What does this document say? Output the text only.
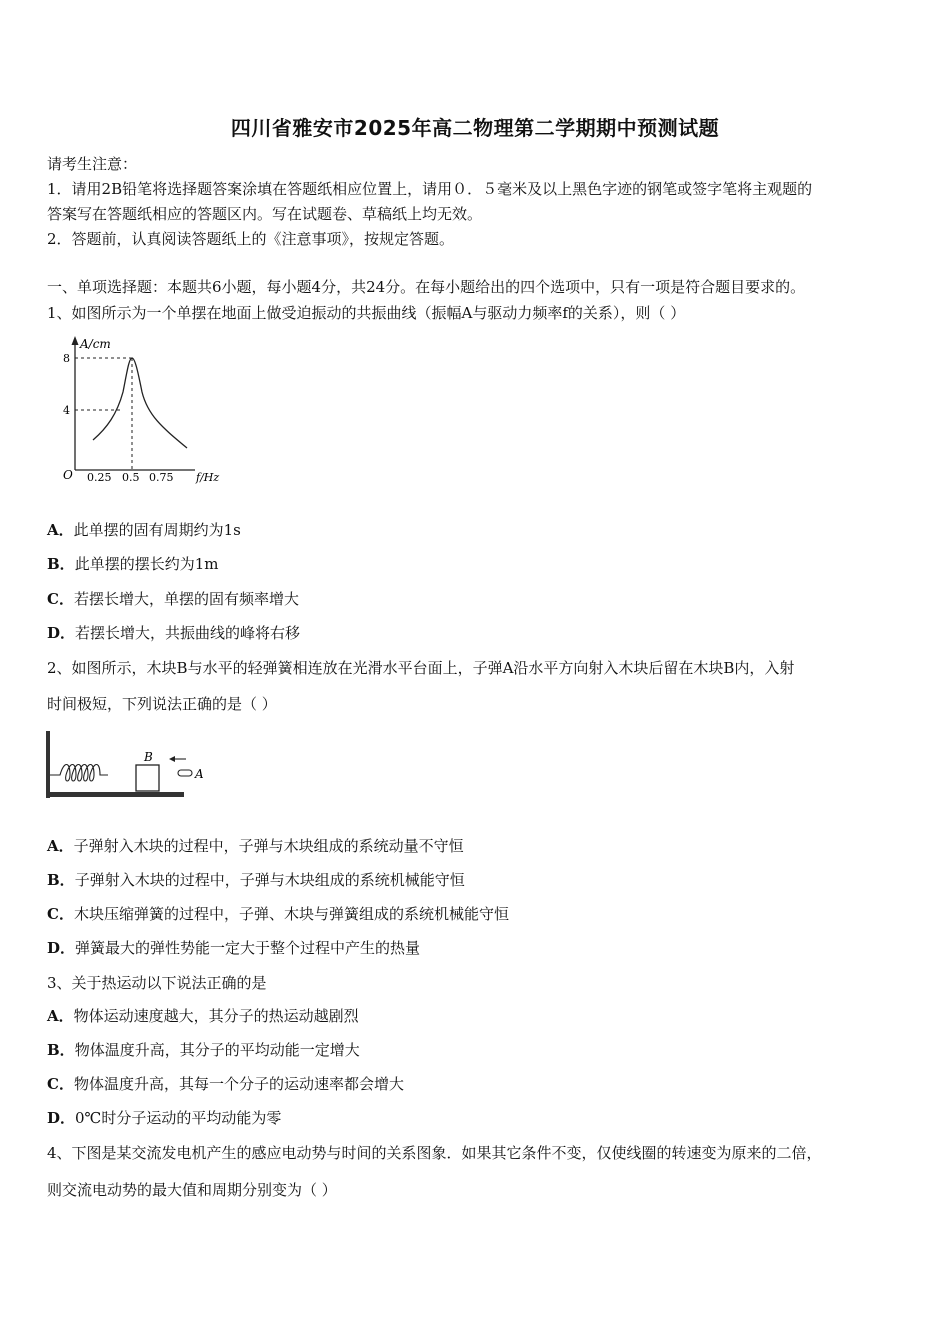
四川省雅安市2025年高二物理第二学期期中预测试题
请考生注意：
1．请用2B铅笔将选择题答案涂填在答题纸相应位置上，请用０．５毫米及以上黑色字迹的钢笔或签字笔将主观题的
答案写在答题纸相应的答题区内。写在试题卷、草稿纸上均无效。
2．答题前，认真阅读答题纸上的《注意事项》，按规定答题。
一、单项选择题：本题共6小题，每小题4分，共24分。在每小题给出的四个选项中，只有一项是符合题目要求的。
1、如图所示为一个单摆在地面上做受迫振动的共振曲线（振幅A与驱动力频率f的关系），则（ ）
A/cm
8
4
O 0.25 0.5 0.75 f/Hz
A．此单摆的固有周期约为1s
B．此单摆的摆长约为1m
C．若摆长增大，单摆的固有频率增大
D．若摆长增大，共振曲线的峰将右移
2、如图所示，木块B与水平的轻弹簧相连放在光滑水平台面上，子弹A沿水平方向射入木块后留在木块B内，入射
时间极短，下列说法正确的是（ ）
B
A
A．子弹射入木块的过程中，子弹与木块组成的系统动量不守恒
B．子弹射入木块的过程中，子弹与木块组成的系统机械能守恒
C．木块压缩弹簧的过程中，子弹、木块与弹簧组成的系统机械能守恒
D．弹簧最大的弹性势能一定大于整个过程中产生的热量
3、关于热运动以下说法正确的是
A．物体运动速度越大，其分子的热运动越剧烈
B．物体温度升高，其分子的平均动能一定增大
C．物体温度升高，其每一个分子的运动速率都会增大
D．0℃时分子运动的平均动能为零
4、下图是某交流发电机产生的感应电动势与时间的关系图象．如果其它条件不变，仅使线圈的转速变为原来的二倍，
则交流电动势的最大值和周期分别变为（ ）
